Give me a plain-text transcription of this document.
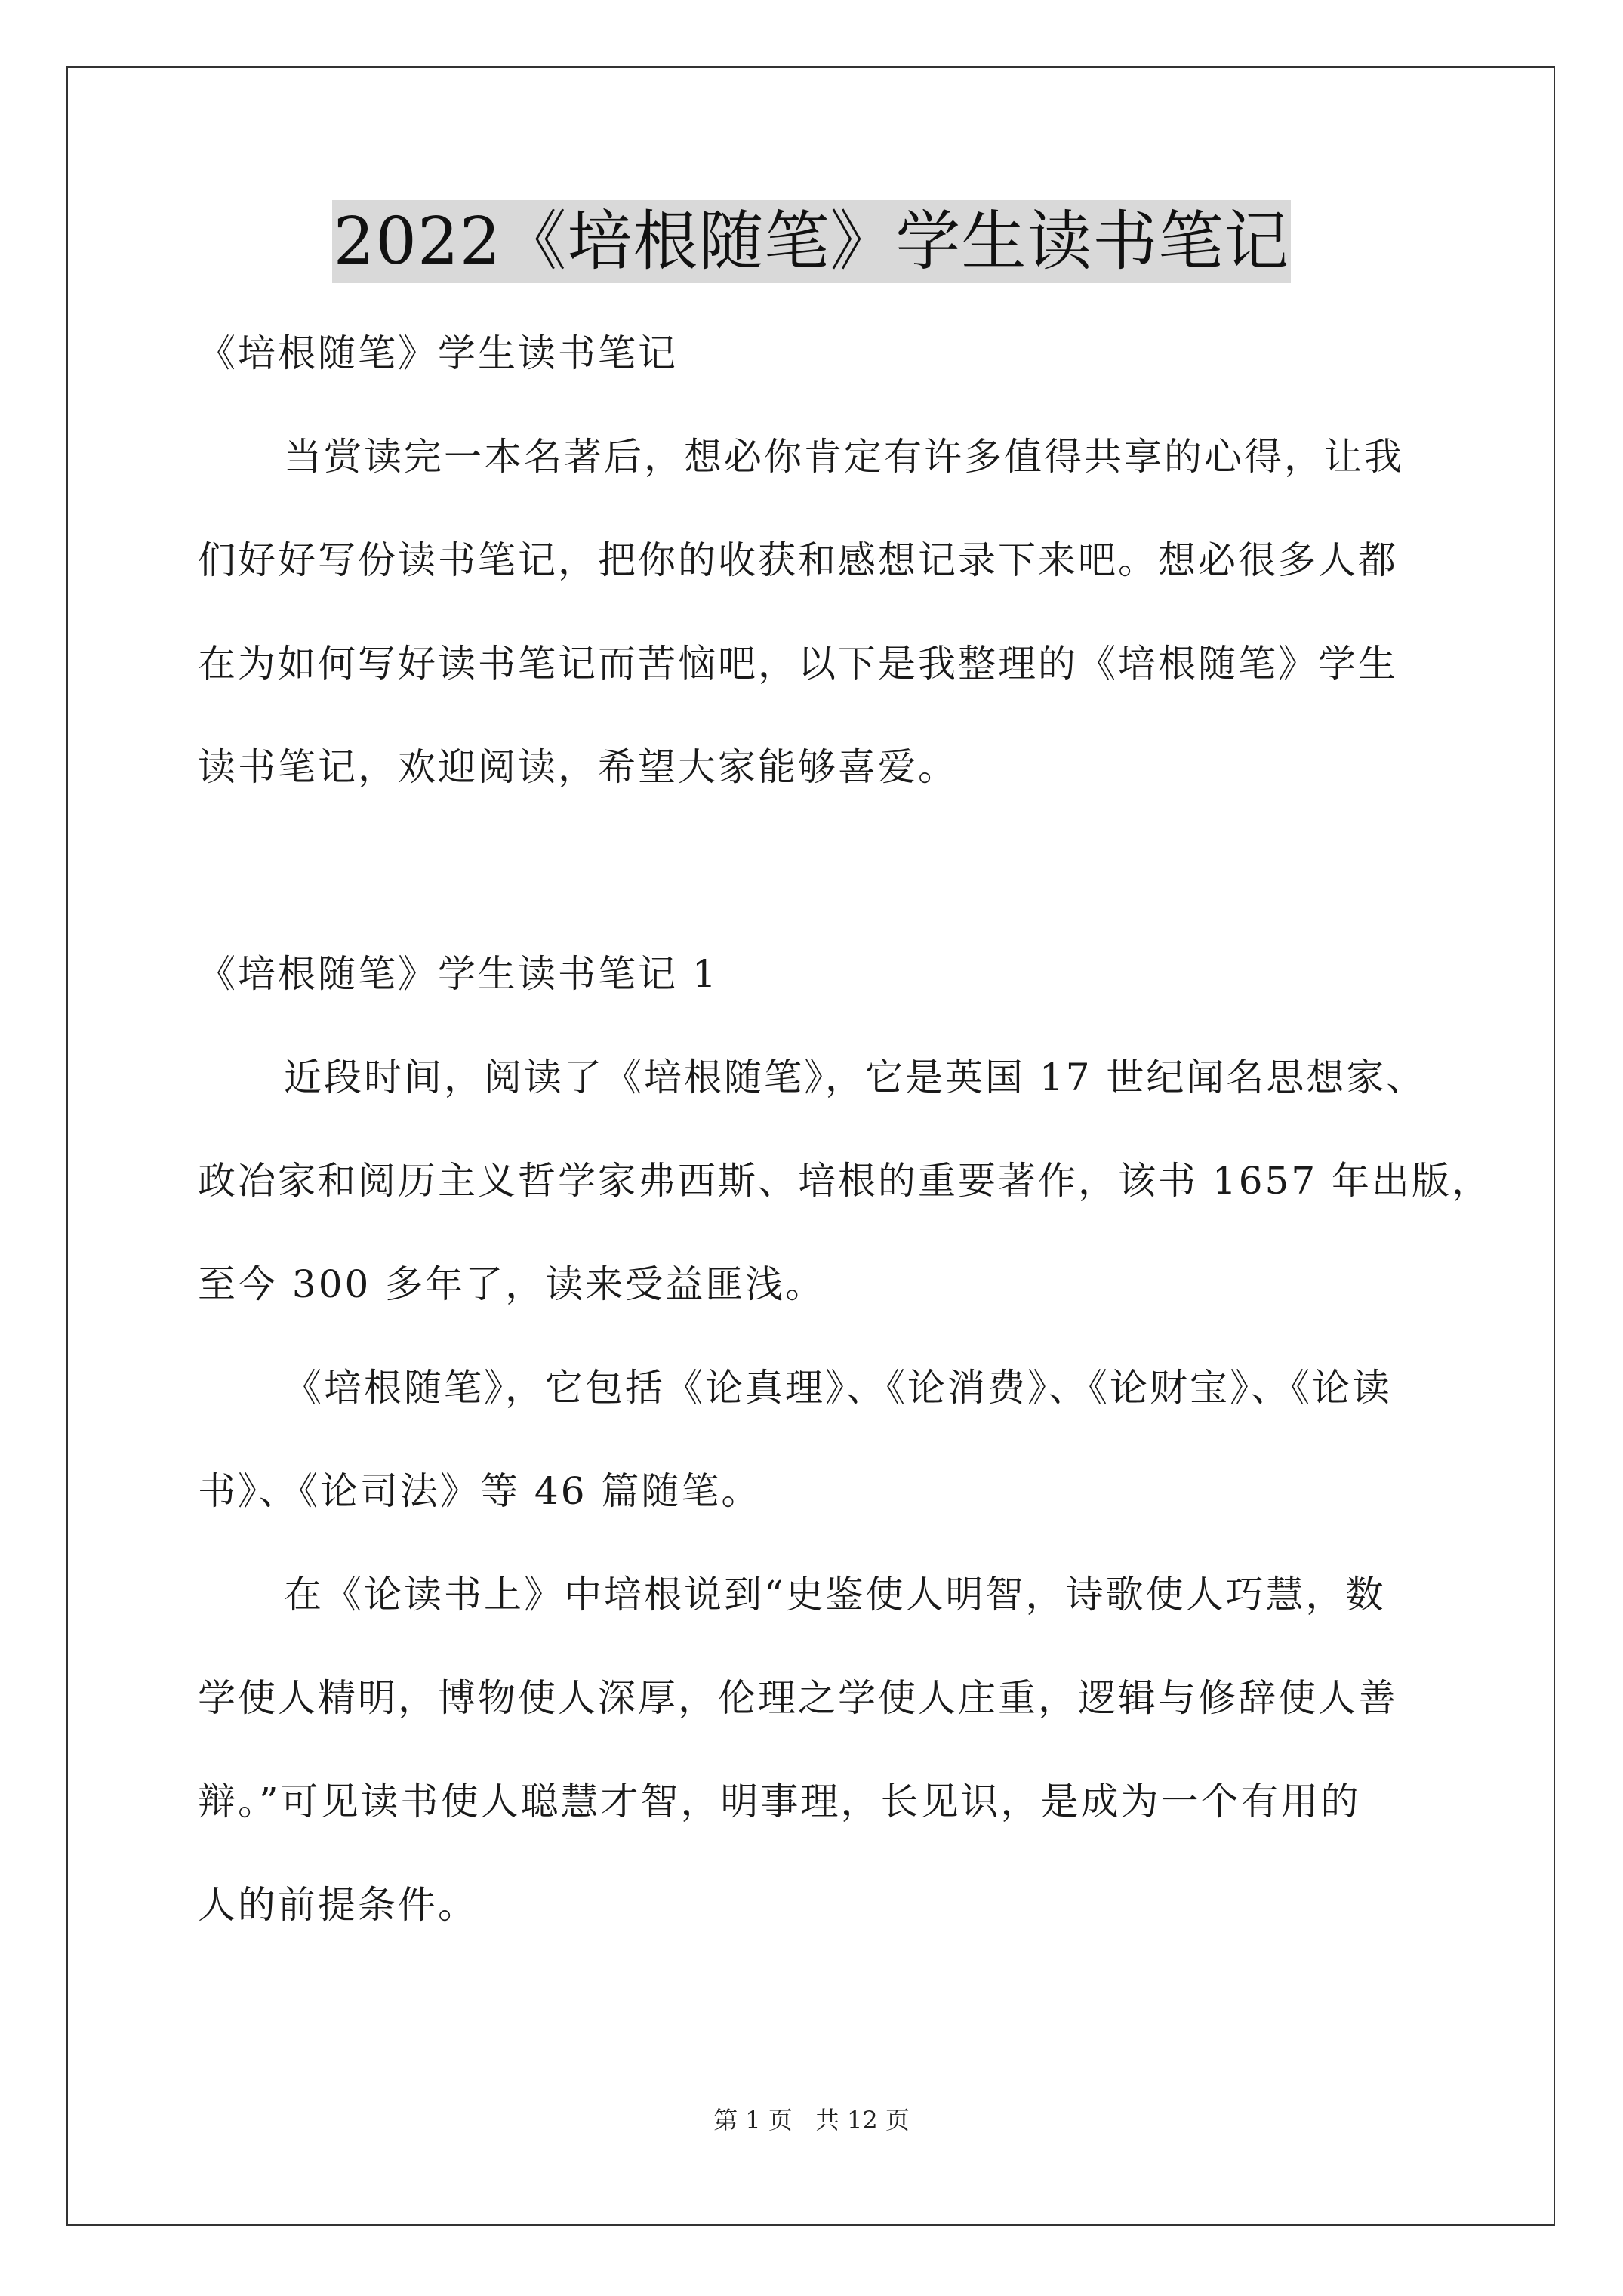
2022《培根随笔》学生读书笔记
《培根随笔》学生读书笔记
当赏读完一本名著后，想必你肯定有许多值得共享的心得，让我
们好好写份读书笔记，把你的收获和感想记录下来吧。想必很多人都
在为如何写好读书笔记而苦恼吧，以下是我整理的《培根随笔》学生
读书笔记，欢迎阅读，希望大家能够喜爱。
《培根随笔》学生读书笔记 1
近段时间，阅读了《培根随笔》，它是英国 17 世纪闻名思想家、
政冶家和阅历主义哲学家弗西斯、培根的重要著作，该书 1657 年出版，
至今 300 多年了，读来受益匪浅。
《培根随笔》，它包括《论真理》、《论消费》、《论财宝》、《论读
书》、《论司法》等 46 篇随笔。
在《论读书上》中培根说到“史鉴使人明智，诗歌使人巧慧，数
学使人精明，博物使人深厚，伦理之学使人庄重，逻辑与修辞使人善
辩。”可见读书使人聪慧才智，明事理，长见识，是成为一个有用的
人的前提条件。
第 1 页 共 12 页
